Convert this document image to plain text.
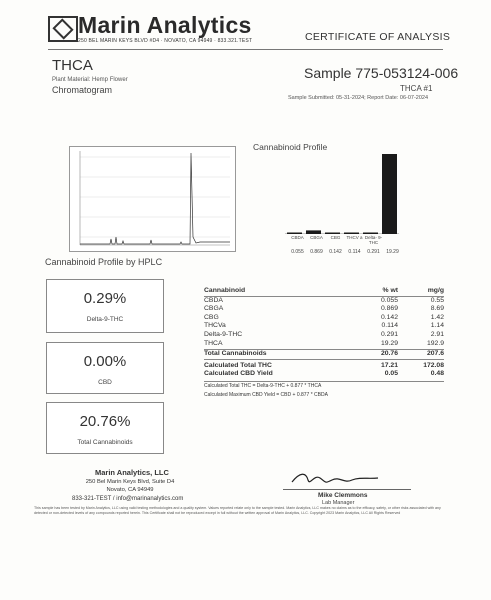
Marin Analytics
250 BEL MARIN KEYS BLVD #D4 · NOVATO, CA 94949 · 833.321.TEST	CERTIFICATE OF ANALYSIS
THCA
Plant Material: Hemp Flower
Chromatogram
Sample 775-053124-006
THCA #1
Sample Submitted: 05-31-2024; Report Date: 06-07-2024
Cannabinoid Profile by HPLC
Cannabinoid Profile
CBDA	CBGA	CBG	THCV a Delta- 9-THC
0.055	0.869	0.142	0.114	0.291	19.29
0.29%
Delta-9-THC
0.00%
CBD
20.76%
Total Cannabinoids
Cannabinoid	% wt	mg/g
CBDA	0.055	0.55
CBGA	0.869	8.69
CBG	0.142	1.42
THCVa	0.114	1.14
Delta-9-THC	0.291	2.91
THCA	19.29	192.9
Total Cannabinoids	20.76	207.6
Calculated Total THC	17.21	172.08
Calculated CBD Yield	0.05	0.48
Calculated Total THC = Delta-9-THC + 0.877 * THCA
Calculated Maximum CBD Yield = CBD + 0.877 * CBDA
Marin Analytics, LLC
250 Bel Marin Keys Blvd, Suite D4
Novato, CA 94949
833-321-TEST / info@marinanalytics.com	Mike Clemmons
Lab Manager
This sample has been tested by Marin Analytics, LLC using valid testing methodologies and a quality system. Values reported relate only to the sample tested. Marin Analytics, LLC makes no claims as to the efficacy, safety, or other risks associated with any detected or non-detected levels of any compounds reported herein. This Certificate shall not be reproduced except in full without the written approval of Marin Analytics, LLC. Copyright 2023 Marin Analytics, LLC All Rights Reserved
